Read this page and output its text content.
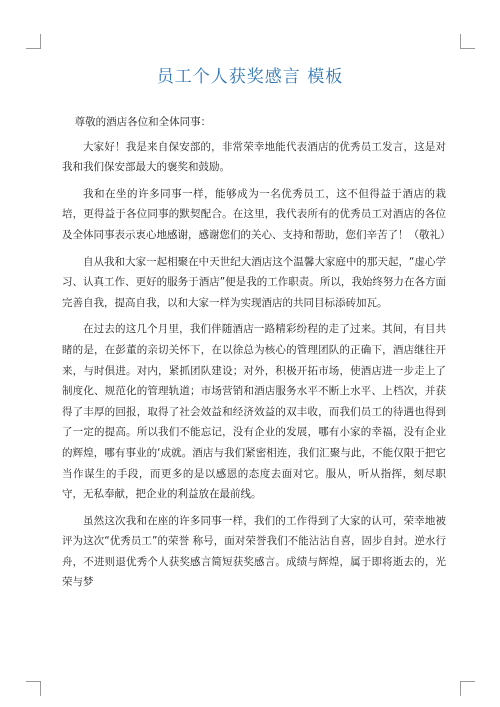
员工个人获奖感言 模板

尊敬的酒店各位和全体同事：

大家好！我是来自保安部的，非常荣幸地能代表酒店的优秀员工发言，这是对我和我们保安部最大的褒奖和鼓励。

我和在坐的许多同事一样，能够成为一名优秀员工，这不但得益于酒店的栽培，更得益于各位同事的默契配合。在这里，我代表所有的优秀员工对酒店的各位及全体同事表示衷心地感谢，感谢您们的关心、支持和帮助，您们辛苦了！（敬礼）

自从我和大家一起相聚在中天世纪大酒店这个温馨大家庭中的那天起，“虚心学习、认真工作、更好的服务于酒店”便是我的工作职责。所以，我始终努力在各方面完善自我，提高自我，以和大家一样为实现酒店的共同目标添砖加瓦。

在过去的这几个月里，我们伴随酒店一路精彩纷程的走了过来。其间，有目共睹的是，在彭董的亲切关怀下，在以徐总为核心的管理团队的正确下，酒店继往开来，与时俱进。对内，紧抓团队建设；对外，积极开拓市场，使酒店进一步走上了制度化、规范化的管理轨道；市场营销和酒店服务水平不断上水平、上档次，并获得了丰厚的回报，取得了社会效益和经济效益的双丰收，而我们员工的待遇也得到了一定的提高。所以我们不能忘记，没有企业的发展，哪有小家的幸福，没有企业的辉煌，哪有事业的‘成就。酒店与我们紧密相连，我们汇聚与此，不能仅限于把它当作谋生的手段，而更多的是以感恩的态度去面对它。服从，听从指挥，刻尽职守，无私奉献，把企业的利益放在最前线。

虽然这次我和在座的许多同事一样，我们的工作得到了大家的认可，荣幸地被评为这次“优秀员工”的荣誉 称号，面对荣誉我们不能沾沾自喜，固步自封。逆水行舟，不进则退优秀个人获奖感言简短获奖感言。成绩与辉煌，属于即将逝去的，光荣与梦
